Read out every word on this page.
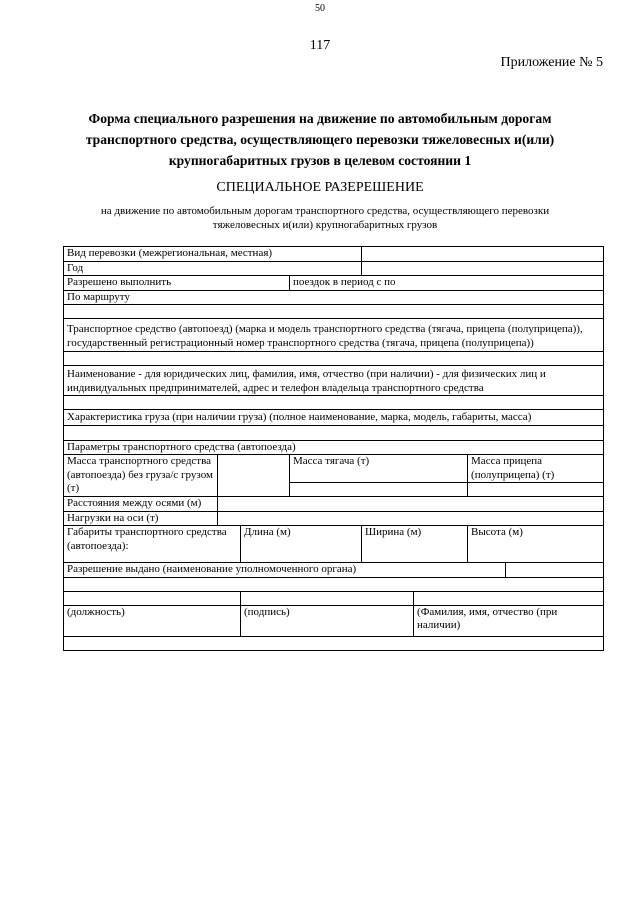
50
117
Приложение № 5
Форма специального разрешения на движение по автомобильным дорогам
транспортного средства, осуществляющего перевозки тяжеловесных и(или)
крупногабаритных грузов в целевом состоянии 1
СПЕЦИАЛЬНОЕ РАЗЕРЕШЕНИЕ
на движение по автомобильным дорогам транспортного средства, осуществляющего перевозки тяжеловесных и(или) крупногабаритных грузов
Вид перевозки (межрегиональная, местная)							
Год							
Разрешено выполнить			поездок в период с по				
По маршруту							

Транспортное средство (автопоезд) (марка и модель транспортного средства (тягача, прицепа (полуприцепа)), государственный регистрационный номер транспортного средства (тягача, прицепа (полуприцепа))							

Наименование - для юридических лиц, фамилия, имя, отчество (при наличии) - для физических лиц и индивидуальных предпринимателей, адрес и телефон владельца транспортного средства							

Характеристика груза (при наличии груза) (полное наименование, марка, модель, габариты, масса)							

Параметры транспортного средства (автопоезда)							
Масса транспортного средства (автопоезда) без груза/с грузом (т)			Масса тягача (т)			Масса прицепа (полуприцепа) (т)	

Расстояния между осями (м)							
Нагрузки на оси (т)							
Габариты транспортного средства (автопоезда):		Длина (м)		Ширина (м)		Высота (м)	
Разрешение выдано (наименование уполномоченного органа)							

(должность)		(подпись)			(Фамилия, имя, отчество (при наличии)		
